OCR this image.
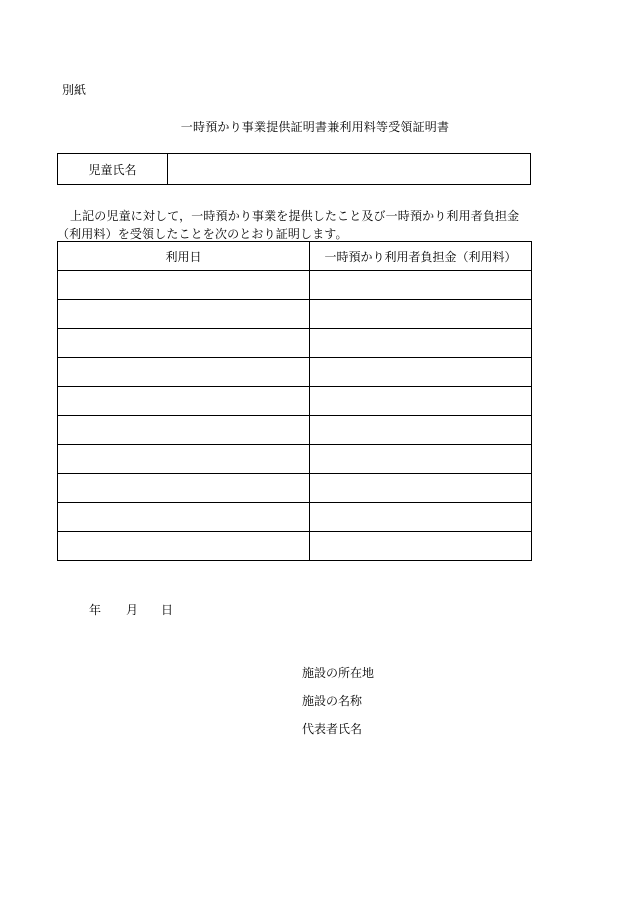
別紙
一時預かり事業提供証明書兼利用料等受領証明書
児童氏名
上記の児童に対して，一時預かり事業を提供したこと及び一時預かり利用者負担金
（利用料）を受領したことを次のとおり証明します。
利用日	一時預かり利用者負担金（利用料）

年 月 日
施設の所在地
施設の名称
代表者氏名
